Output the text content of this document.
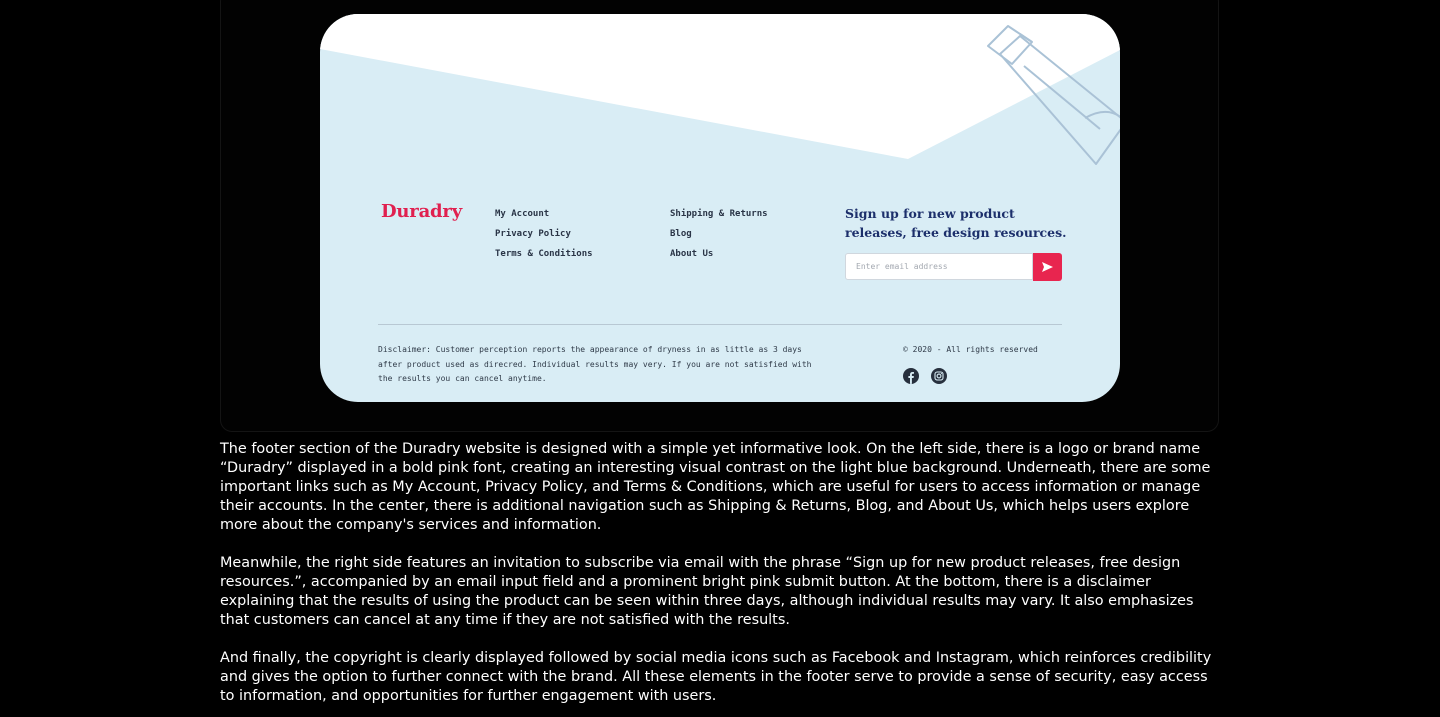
Duradry	My Account
Privacy Policy
Terms & Conditions
Shipping & Returns
Blog
About Us
Sign up for new product releases, free design resources.
Enter email address
Disclaimer: Customer perception reports the appearance of dryness in as little as 3 days after product used as direcred. Individual results may very. If you are not satisfied with the results you can cancel anytime.
© 2020 - All rights reserved

The footer section of the Duradry website is designed with a simple yet informative look. On the left side, there is a logo or brand name “Duradry” displayed in a bold pink font, creating an interesting visual contrast on the light blue background. Underneath, there are some important links such as My Account, Privacy Policy, and Terms & Conditions, which are useful for users to access information or manage their accounts. In the center, there is additional navigation such as Shipping & Returns, Blog, and About Us, which helps users explore more about the company's services and information.

Meanwhile, the right side features an invitation to subscribe via email with the phrase “Sign up for new product releases, free design resources.”, accompanied by an email input field and a prominent bright pink submit button. At the bottom, there is a disclaimer explaining that the results of using the product can be seen within three days, although individual results may vary. It also emphasizes that customers can cancel at any time if they are not satisfied with the results.

And finally, the copyright is clearly displayed followed by social media icons such as Facebook and Instagram, which reinforces credibility and gives the option to further connect with the brand. All these elements in the footer serve to provide a sense of security, easy access to information, and opportunities for further engagement with users.
